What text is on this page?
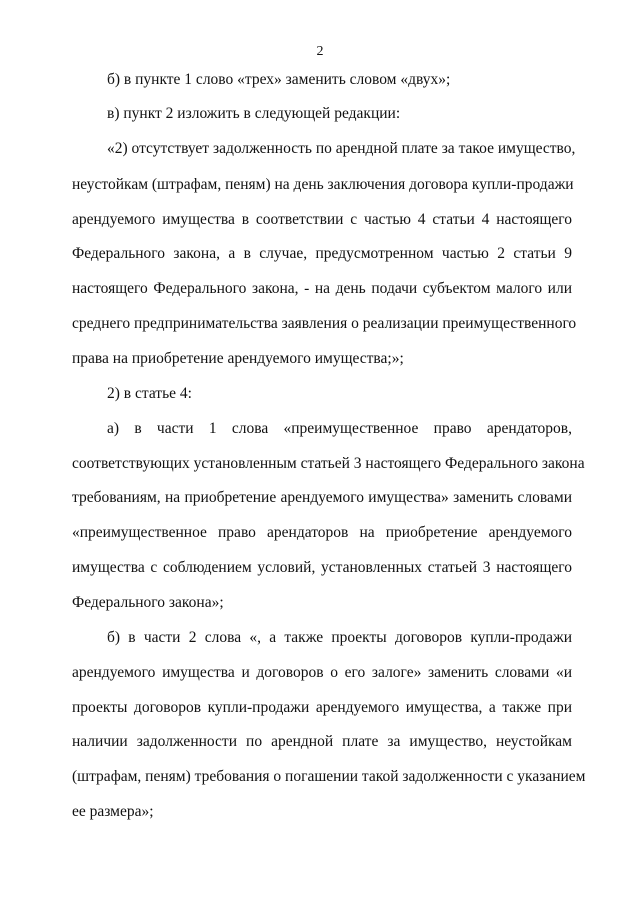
2
б) в пункте 1 слово «трех» заменить словом «двух»;
в) пункт 2 изложить в следующей редакции:
«2) отсутствует задолженность по арендной плате за такое имущество,
неустойкам (штрафам, пеням) на день заключения договора купли-продажи
арендуемого имущества в соответствии с частью 4 статьи 4 настоящего
Федерального закона, а в случае, предусмотренном частью 2 статьи 9
настоящего Федерального закона, - на день подачи субъектом малого или
среднего предпринимательства заявления о реализации преимущественного
права на приобретение арендуемого имущества;»;
2) в статье 4:
а) в части 1 слова «преимущественное право арендаторов,
соответствующих установленным статьей 3 настоящего Федерального закона
требованиям, на приобретение арендуемого имущества» заменить словами
«преимущественное право арендаторов на приобретение арендуемого
имущества с соблюдением условий, установленных статьей 3 настоящего
Федерального закона»;
б) в части 2 слова «, а также проекты договоров купли-продажи
арендуемого имущества и договоров о его залоге» заменить словами «и
проекты договоров купли-продажи арендуемого имущества, а также при
наличии задолженности по арендной плате за имущество, неустойкам
(штрафам, пеням) требования о погашении такой задолженности с указанием
ее размера»;
